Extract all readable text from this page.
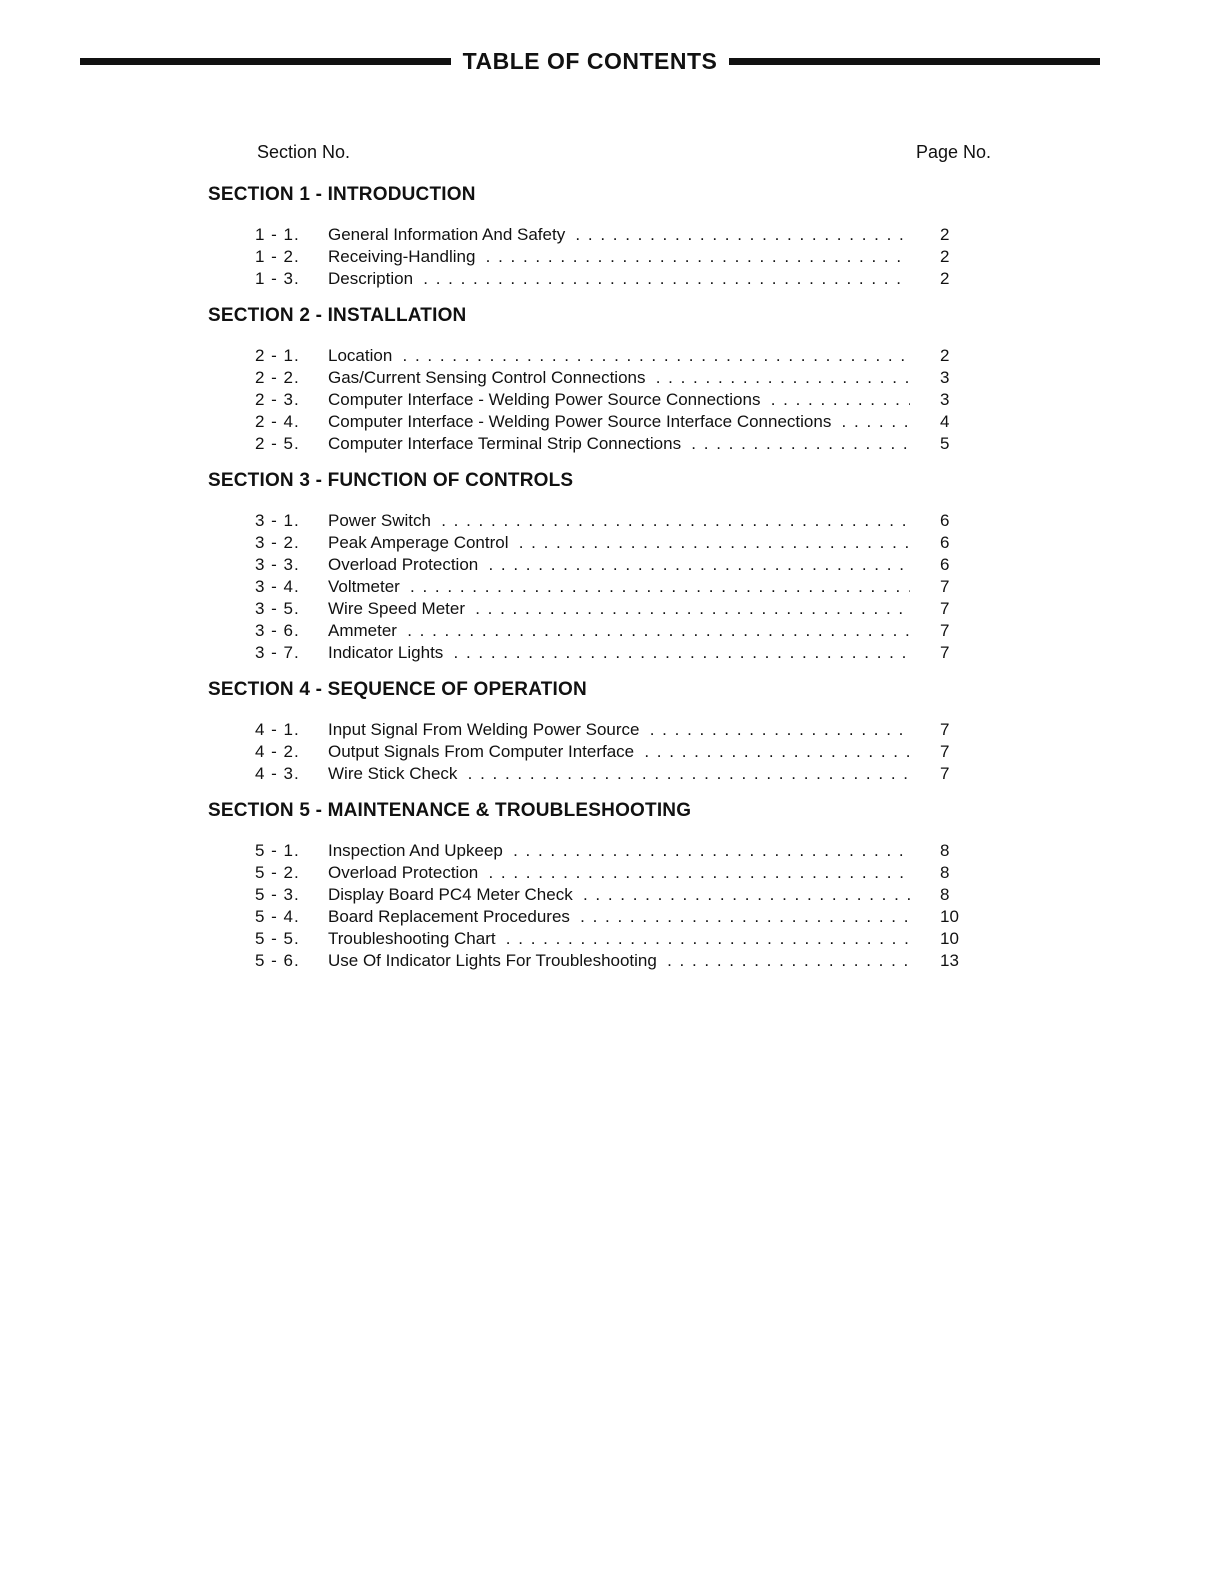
TABLE OF CONTENTS
Section No.	Page No.
SECTION 1 - INTRODUCTION
1 - 1.	General Information And Safety . . .	2
1 - 2.	Receiving-Handling . . .	2
1 - 3.	Description . . .	2
SECTION 2 - INSTALLATION
2 - 1.	Location . . .	2
2 - 2.	Gas/Current Sensing Control Connections . . .	3
2 - 3.	Computer Interface - Welding Power Source Connections . . .	3
2 - 4.	Computer Interface - Welding Power Source Interface Connections . . .	4
2 - 5.	Computer Interface Terminal Strip Connections . . .	5
SECTION 3 - FUNCTION OF CONTROLS
3 - 1.	Power Switch . . .	6
3 - 2.	Peak Amperage Control . . .	6
3 - 3.	Overload Protection . . .	6
3 - 4.	Voltmeter . . .	7
3 - 5.	Wire Speed Meter . . .	7
3 - 6.	Ammeter . . .	7
3 - 7.	Indicator Lights . . .	7
SECTION 4 - SEQUENCE OF OPERATION
4 - 1.	Input Signal From Welding Power Source . . .	7
4 - 2.	Output Signals From Computer Interface . . .	7
4 - 3.	Wire Stick Check . . .	7
SECTION 5 - MAINTENANCE & TROUBLESHOOTING
5 - 1.	Inspection And Upkeep . . .	8
5 - 2.	Overload Protection . . .	8
5 - 3.	Display Board PC4 Meter Check . . .	8
5 - 4.	Board Replacement Procedures . . .	10
5 - 5.	Troubleshooting Chart . . .	10
5 - 6.	Use Of Indicator Lights For Troubleshooting . . .	13
